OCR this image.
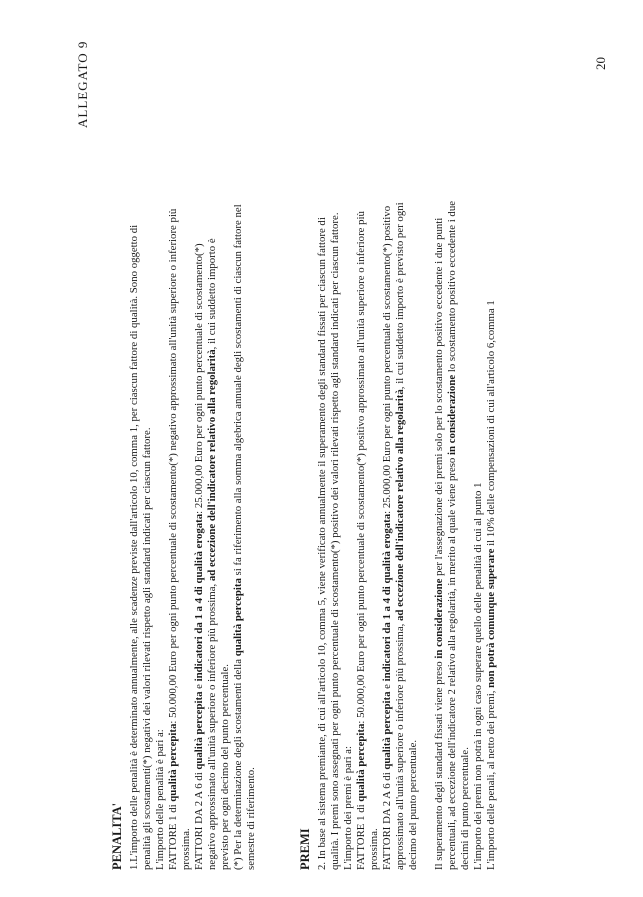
ALLEGATO 9
PENALITA' 1.L'importo delle penalità è determinato annualmente, alle scadenze previste dall'articolo 10, comma 1, per ciascun fattore di qualità. Sono oggetto di penalità gli scostamenti(*) negativi dei valori rilevati rispetto agli standard indicati per ciascun fattore. L'importo delle penalità è pari a: FATTORE 1 di qualità percepita: 50.000,00 Euro per ogni punto percentuale di scostamento(*) negativo approssimato all'unità superiore o inferiore più
prossima. FATTORI DA 2 A 6 di qualità percepita e indicatori da 1 a 4 di qualità erogata: 25.000,00 Euro per ogni punto percentuale di scostamento(*)
negativo approssimato all'unità superiore o inferiore più prossima, ad eccezione dell'indicatore relativo alla regolarità, il cui suddetto importo è
previsto per ogni decimo del punto percentuale. (*) Per la determinazione degli scostamenti della qualità percepita si fa riferimento alla somma algebrica annuale degli scostamenti di ciascun fattore nel
semestre di riferimento.	PREMI 2. In base al sistema premiante, di cui all'articolo 10, comma 5, viene verificato annualmente il superamento degli standard fissati per ciascun fattore di qualità. I premi sono assegnati per ogni punto percentuale di scostamento(*) positivo dei valori rilevati rispetto agli standard indicati per ciascun fattore. L'importo dei premi è pari a: FATTORE 1 di qualità percepita: 50.000,00 Euro per ogni punto percentuale di scostamento(*) positivo approssimato all'unità superiore o inferiore più
prossima. FATTORI DA 2 A 6 di qualità percepita e indicatori da 1 a 4 di qualità erogata: 25.000,00 Euro per ogni punto percentuale di scostamento(*) positivo
approssimato all'unità superiore o inferiore più prossima, ad eccezione dell'indicatore relativo alla regolarità, il cui suddetto importo è previsto per ogni
decimo del punto percentuale. Il superamento degli standard fissati viene preso in considerazione per l'assegnazione dei premi solo per lo scostamento positivo eccedente i due punti
percentuali, ad eccezione dell'indicatore 2 relativo alla regolarità, in merito al quale viene preso in considerazione lo scostamento positivo eccedente i due
decimi di punto percentuale. L'importo dei premi non potrà in ogni caso superare quello delle penalità di cui al punto 1 L'importo delle penali, al netto dei premi, non potrà comunque superare il 10% delle compensazioni di cui all'articolo 6,comma 1
20
